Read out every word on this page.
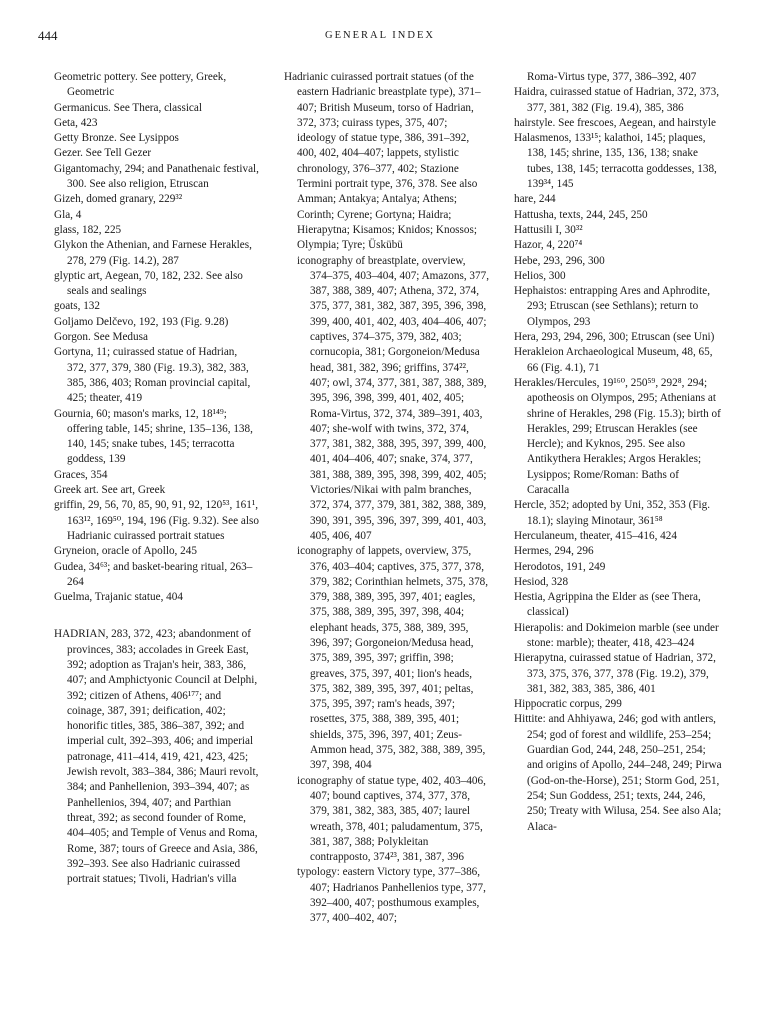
444	GENERAL INDEX

Geometric pottery. See pottery, Greek, Geometric

Germanicus. See Thera, classical

Geta, 423

Getty Bronze. See Lysippos

Gezer. See Tell Gezer

Gigantomachy, 294; and Panathenaic festival, 300. See also religion, Etruscan

Gizeh, domed granary, 229³²

Gla, 4

glass, 182, 225

Glykon the Athenian, and Farnese Herakles, 278, 279 (Fig. 14.2), 287

glyptic art, Aegean, 70, 182, 232. See also seals and sealings

goats, 132

Goljamo Delčevo, 192, 193 (Fig. 9.28)

Gorgon. See Medusa

Gortyna, 11; cuirassed statue of Hadrian, 372, 377, 379, 380 (Fig. 19.3), 382, 383, 385, 386, 403; Roman provincial capital, 425; theater, 419

Gournia, 60; mason's marks, 12, 18¹⁴⁹; offering table, 145; shrine, 135–136, 138, 140, 145; snake tubes, 145; terracotta goddess, 139

Graces, 354

Greek art. See art, Greek

griffin, 29, 56, 70, 85, 90, 91, 92, 120⁵³, 161¹, 163¹², 169⁵⁰, 194, 196 (Fig. 9.32). See also Hadrianic cuirassed portrait statues

Gryneion, oracle of Apollo, 245

Gudea, 34⁶³; and basket-bearing ritual, 263–264

Guelma, Trajanic statue, 404

HADRIAN, 283, 372, 423; abandonment of provinces, 383; accolades in Greek East, 392; adoption as Trajan's heir, 383, 386, 407; and Amphictyonic Council at Delphi, 392; citizen of Athens, 406¹⁷⁷; and coinage, 387, 391; deification, 402; honorific titles, 385, 386–387, 392; and imperial cult, 392–393, 406; and imperial patronage, 411–414, 419, 421, 423, 425; Jewish revolt, 383–384, 386; Mauri revolt, 384; and Panhellenion, 393–394, 407; as Panhellenios, 394, 407; and Parthian threat, 392; as second founder of Rome, 404–405; and Temple of Venus and Roma, Rome, 387; tours of Greece and Asia, 386, 392–393. See also Hadrianic cuirassed portrait statues; Tivoli, Hadrian's villa

Hadrianic cuirassed portrait statues (of the eastern Hadrianic breastplate type), 371–407; British Museum, torso of Hadrian, 372, 373; cuirass types, 375, 407; ideology of statue type, 386, 391–392, 400, 402, 404–407; lappets, stylistic chronology, 376–377, 402; Stazione Termini portrait type, 376, 378. See also Amman; Antakya; Antalya; Athens; Corinth; Cyrene; Gortyna; Haidra; Hierapytna; Kisamos; Knidos; Knossos; Olympia; Tyre; Üskübü

iconography of breastplate, overview, 374–375, 403–404, 407; Amazons, 377, 387, 388, 389, 407; Athena, 372, 374, 375, 377, 381, 382, 387, 395, 396, 398, 399, 400, 401, 402, 403, 404–406, 407; captives, 374–375, 379, 382, 403; cornucopia, 381; Gorgoneion/Medusa head, 381, 382, 396; griffins, 374²², 407; owl, 374, 377, 381, 387, 388, 389, 395, 396, 398, 399, 401, 402, 405; Roma-Virtus, 372, 374, 389–391, 403, 407; she-wolf with twins, 372, 374, 377, 381, 382, 388, 395, 397, 399, 400, 401, 404–406, 407; snake, 374, 377, 381, 388, 389, 395, 398, 399, 402, 405; Victories/Nikai with palm branches, 372, 374, 377, 379, 381, 382, 388, 389, 390, 391, 395, 396, 397, 399, 401, 403, 405, 406, 407

iconography of lappets, overview, 375, 376, 403–404; captives, 375, 377, 378, 379, 382; Corinthian helmets, 375, 378, 379, 388, 389, 395, 397, 401; eagles, 375, 388, 389, 395, 397, 398, 404; elephant heads, 375, 388, 389, 395, 396, 397; Gorgoneion/Medusa head, 375, 389, 395, 397; griffin, 398; greaves, 375, 397, 401; lion's heads, 375, 382, 389, 395, 397, 401; peltas, 375, 395, 397; ram's heads, 397; rosettes, 375, 388, 389, 395, 401; shields, 375, 396, 397, 401; Zeus-Ammon head, 375, 382, 388, 389, 395, 397, 398, 404

iconography of statue type, 402, 403–406, 407; bound captives, 374, 377, 378, 379, 381, 382, 383, 385, 407; laurel wreath, 378, 401; paludamentum, 375, 381, 387, 388; Polykleitan contrapposto, 374²³, 381, 387, 396

typology: eastern Victory type, 377–386, 407; Hadrianos Panhellenios type, 377, 392–400, 407; posthumous examples, 377, 400–402, 407;

Roma-Virtus type, 377, 386–392, 407

Haidra, cuirassed statue of Hadrian, 372, 373, 377, 381, 382 (Fig. 19.4), 385, 386

hairstyle. See frescoes, Aegean, and hairstyle

Halasmenos, 133¹⁵; kalathoi, 145; plaques, 138, 145; shrine, 135, 136, 138; snake tubes, 138, 145; terracotta goddesses, 138, 139³⁴, 145

hare, 244

Hattusha, texts, 244, 245, 250

Hattusili I, 30³²

Hazor, 4, 220⁷⁴

Hebe, 293, 296, 300

Helios, 300

Hephaistos: entrapping Ares and Aphrodite, 293; Etruscan (see Sethlans); return to Olympos, 293

Hera, 293, 294, 296, 300; Etruscan (see Uni)

Herakleion Archaeological Museum, 48, 65, 66 (Fig. 4.1), 71

Herakles/Hercules, 19¹⁶⁰, 250⁵⁹, 292⁸, 294; apotheosis on Olympos, 295; Athenians at shrine of Herakles, 298 (Fig. 15.3); birth of Herakles, 299; Etruscan Herakles (see Hercle); and Kyknos, 295. See also Antikythera Herakles; Argos Herakles; Lysippos; Rome/Roman: Baths of Caracalla

Hercle, 352; adopted by Uni, 352, 353 (Fig. 18.1); slaying Minotaur, 361⁵⁸

Herculaneum, theater, 415–416, 424

Hermes, 294, 296

Herodotos, 191, 249

Hesiod, 328

Hestia, Agrippina the Elder as (see Thera, classical)

Hierapolis: and Dokimeion marble (see under stone: marble); theater, 418, 423–424

Hierapytna, cuirassed statue of Hadrian, 372, 373, 375, 376, 377, 378 (Fig. 19.2), 379, 381, 382, 383, 385, 386, 401

Hippocratic corpus, 299

Hittite: and Ahhiyawa, 246; god with antlers, 254; god of forest and wildlife, 253–254; Guardian God, 244, 248, 250–251, 254; and origins of Apollo, 244–248, 249; Pirwa (God-on-the-Horse), 251; Storm God, 251, 254; Sun Goddess, 251; texts, 244, 246, 250; Treaty with Wilusa, 254. See also Ala; Alaca-
